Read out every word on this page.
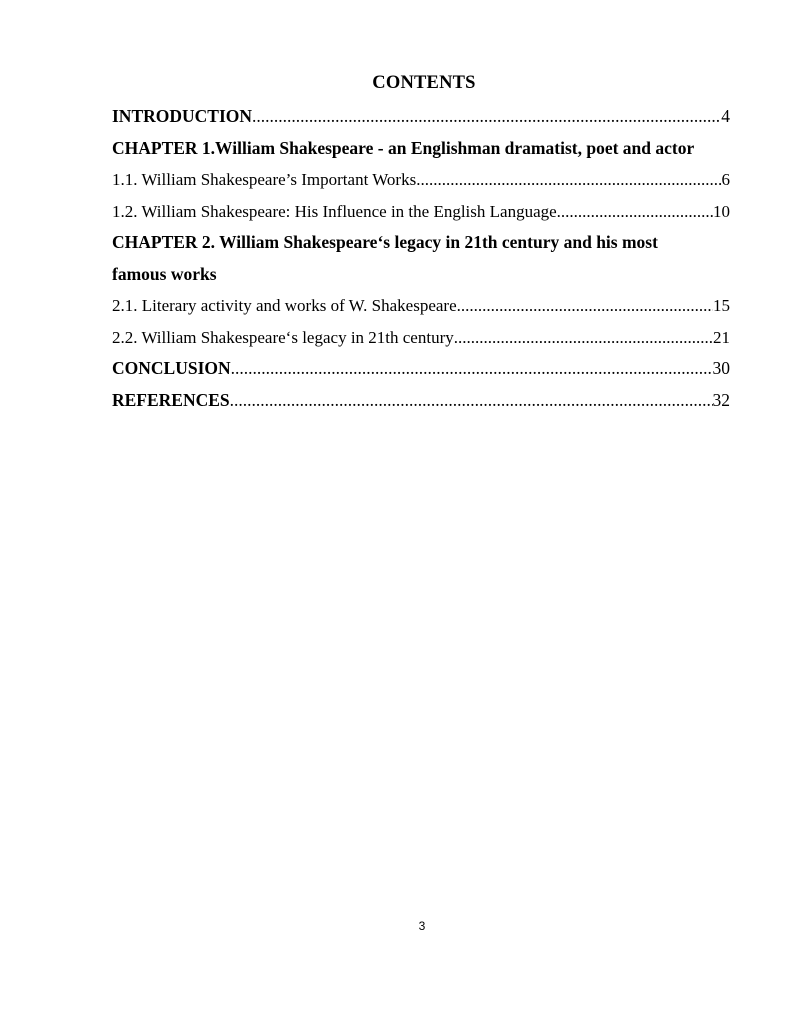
CONTENTS
INTRODUCTION .....	4
CHAPTER 1.William Shakespeare - an Englishman dramatist, poet and actor
1.1. William Shakespeare’s Important Works .....	6
1.2. William Shakespeare: His Influence in the English Language .....	10
CHAPTER 2. William Shakespeare‘s legacy in 21th century and his most
famous works
2.1. Literary activity and works of W. Shakespeare .....	15
2.2. William Shakespeare‘s legacy in 21th century .....	21
CONCLUSION .....	30
REFERENCES .....	32
3
